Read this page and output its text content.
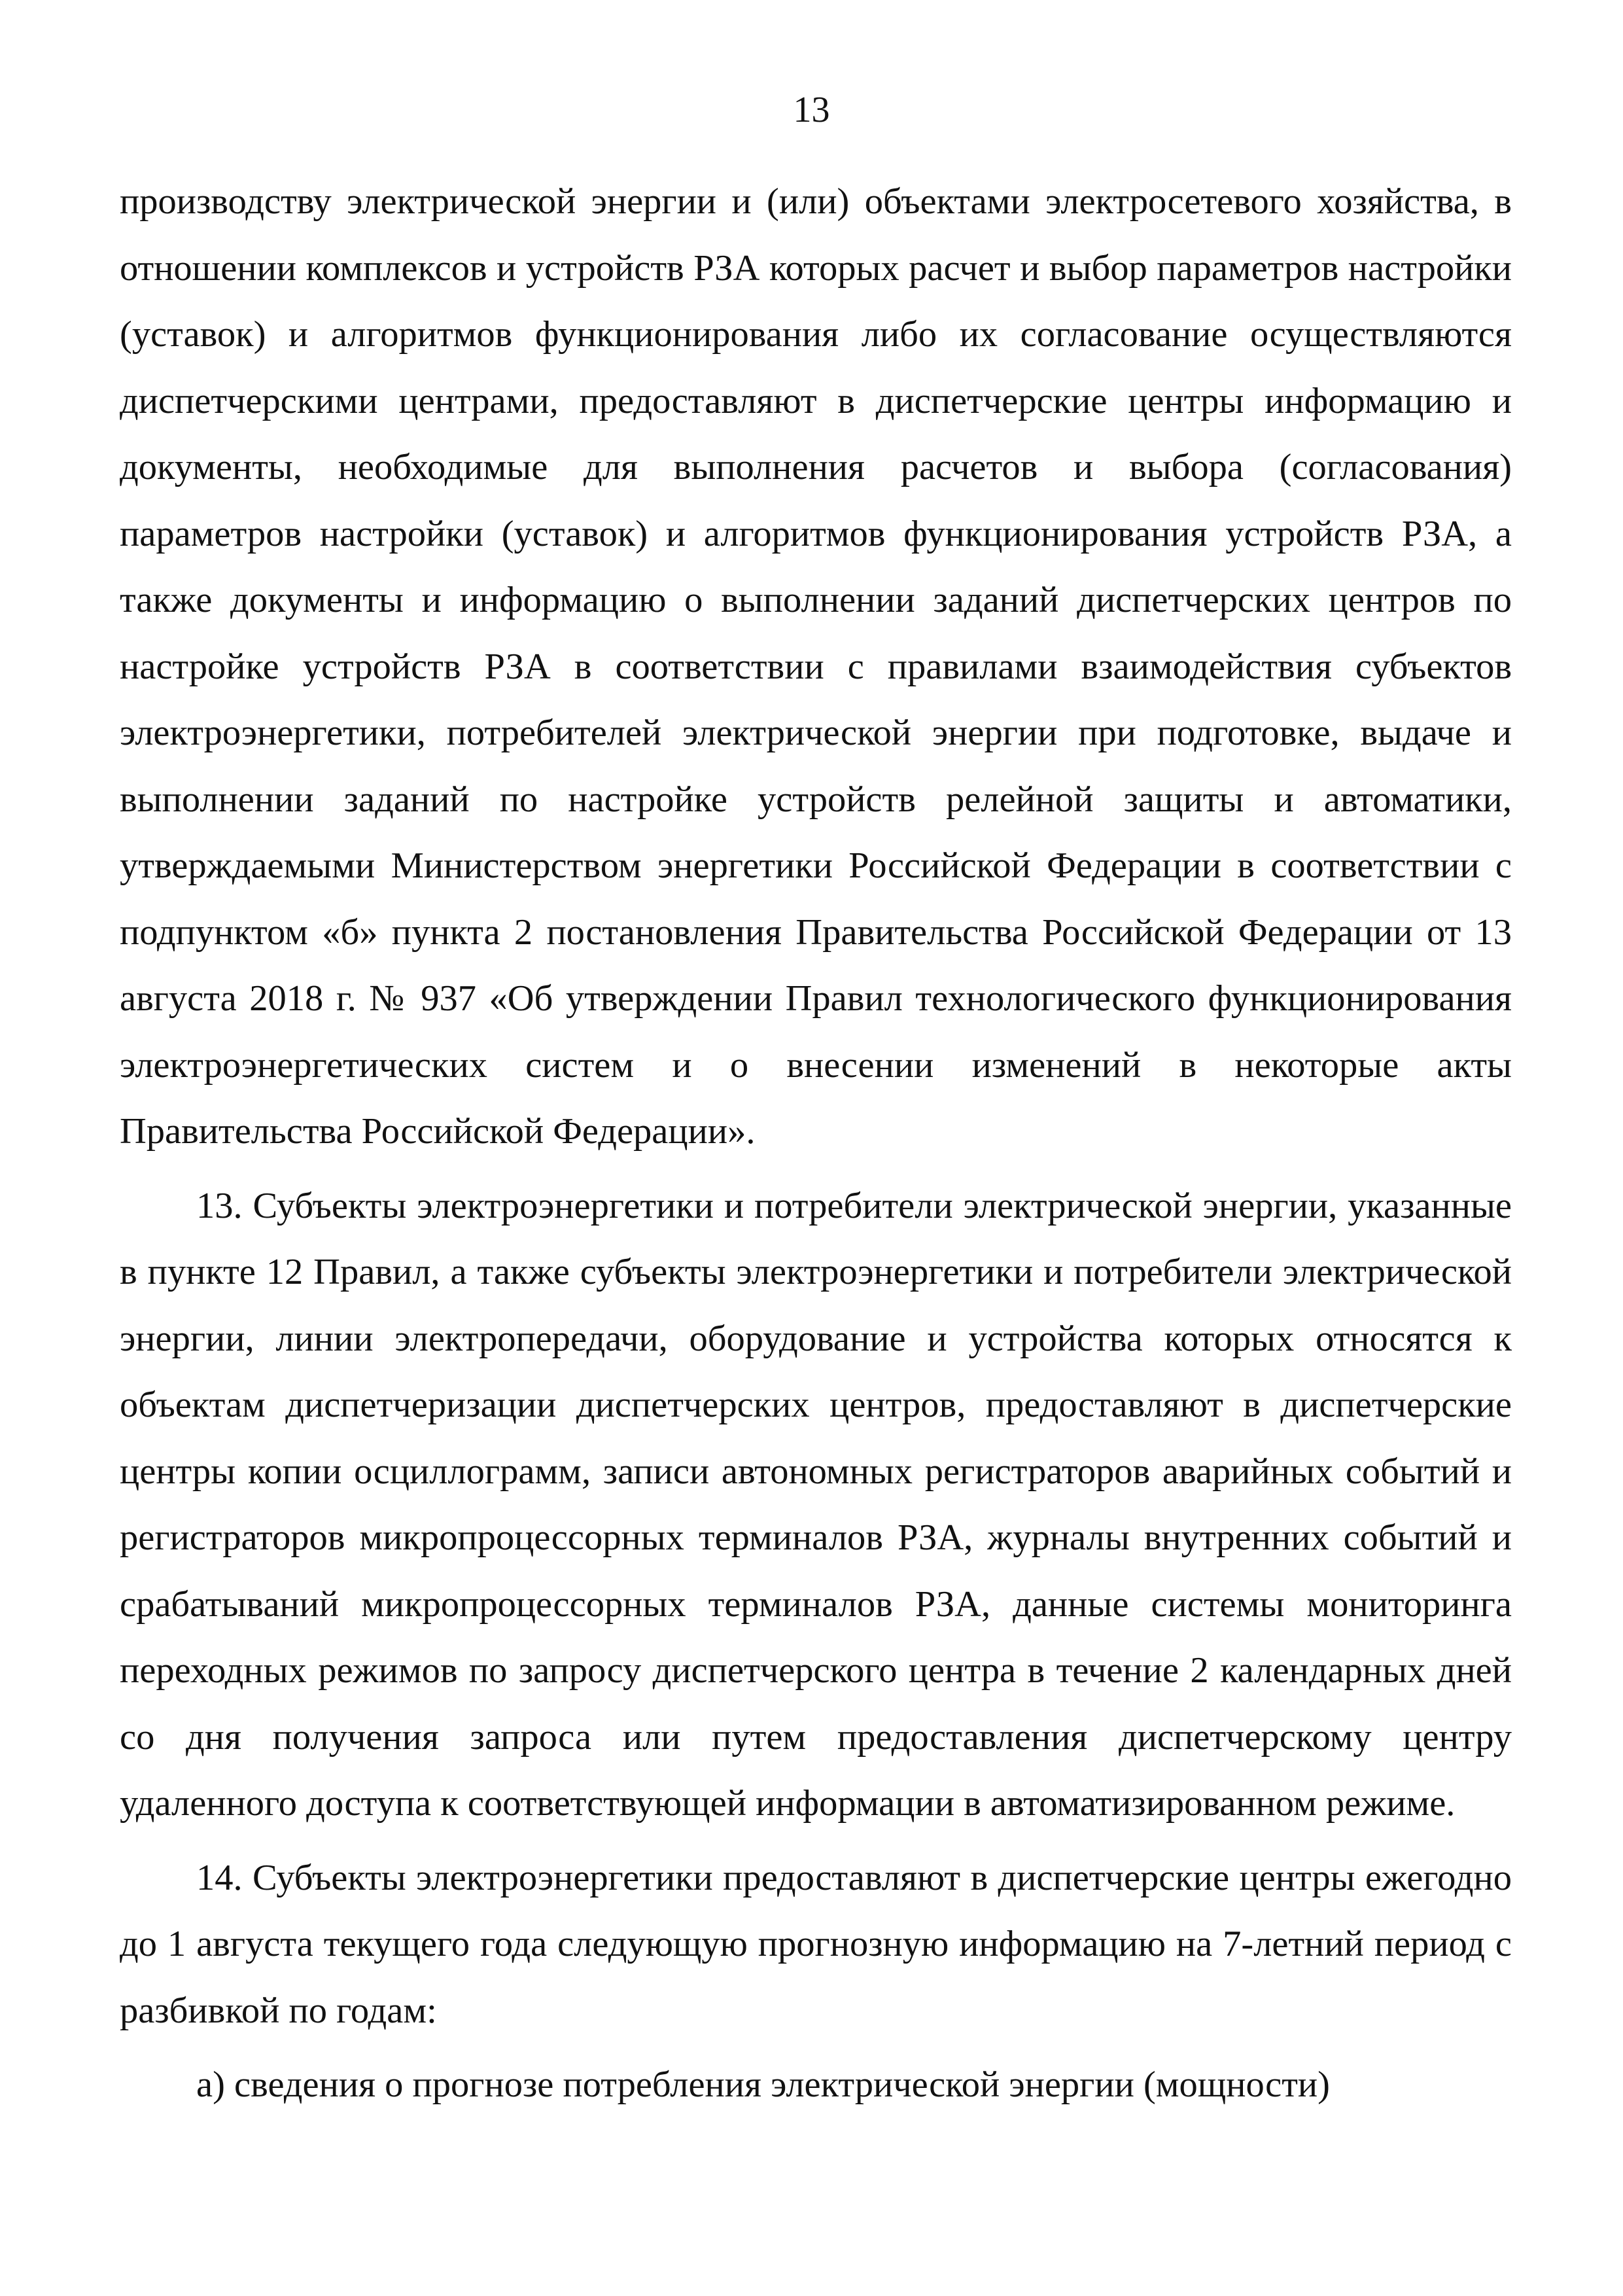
13

производству электрической энергии и (или) объектами электросетевого хозяйства, в отношении комплексов и устройств РЗА которых расчет и выбор параметров настройки (уставок) и алгоритмов функционирования либо их согласование осуществляются диспетчерскими центрами, предоставляют в диспетчерские центры информацию и документы, необходимые для выполнения расчетов и выбора (согласования) параметров настройки (уставок) и алгоритмов функционирования устройств РЗА, а также документы и информацию о выполнении заданий диспетчерских центров по настройке устройств РЗА в соответствии с правилами взаимодействия субъектов электроэнергетики, потребителей электрической энергии при подготовке, выдаче и выполнении заданий по настройке устройств релейной защиты и автоматики, утверждаемыми Министерством энергетики Российской Федерации в соответствии с подпунктом «б» пункта 2 постановления Правительства Российской Федерации от 13 августа 2018 г. № 937 «Об утверждении Правил технологического функционирования электроэнергетических систем и о внесении изменений в некоторые акты Правительства Российской Федерации».

13. Субъекты электроэнергетики и потребители электрической энергии, указанные в пункте 12 Правил, а также субъекты электроэнергетики и потребители электрической энергии, линии электропередачи, оборудование и устройства которых относятся к объектам диспетчеризации диспетчерских центров, предоставляют в диспетчерские центры копии осциллограмм, записи автономных регистраторов аварийных событий и регистраторов микропроцессорных терминалов РЗА, журналы внутренних событий и срабатываний микропроцессорных терминалов РЗА, данные системы мониторинга переходных режимов по запросу диспетчерского центра в течение 2 календарных дней со дня получения запроса или путем предоставления диспетчерскому центру удаленного доступа к соответствующей информации в автоматизированном режиме.

14. Субъекты электроэнергетики предоставляют в диспетчерские центры ежегодно до 1 августа текущего года следующую прогнозную информацию на 7-летний период с разбивкой по годам:

а) сведения о прогнозе потребления электрической энергии (мощности)
